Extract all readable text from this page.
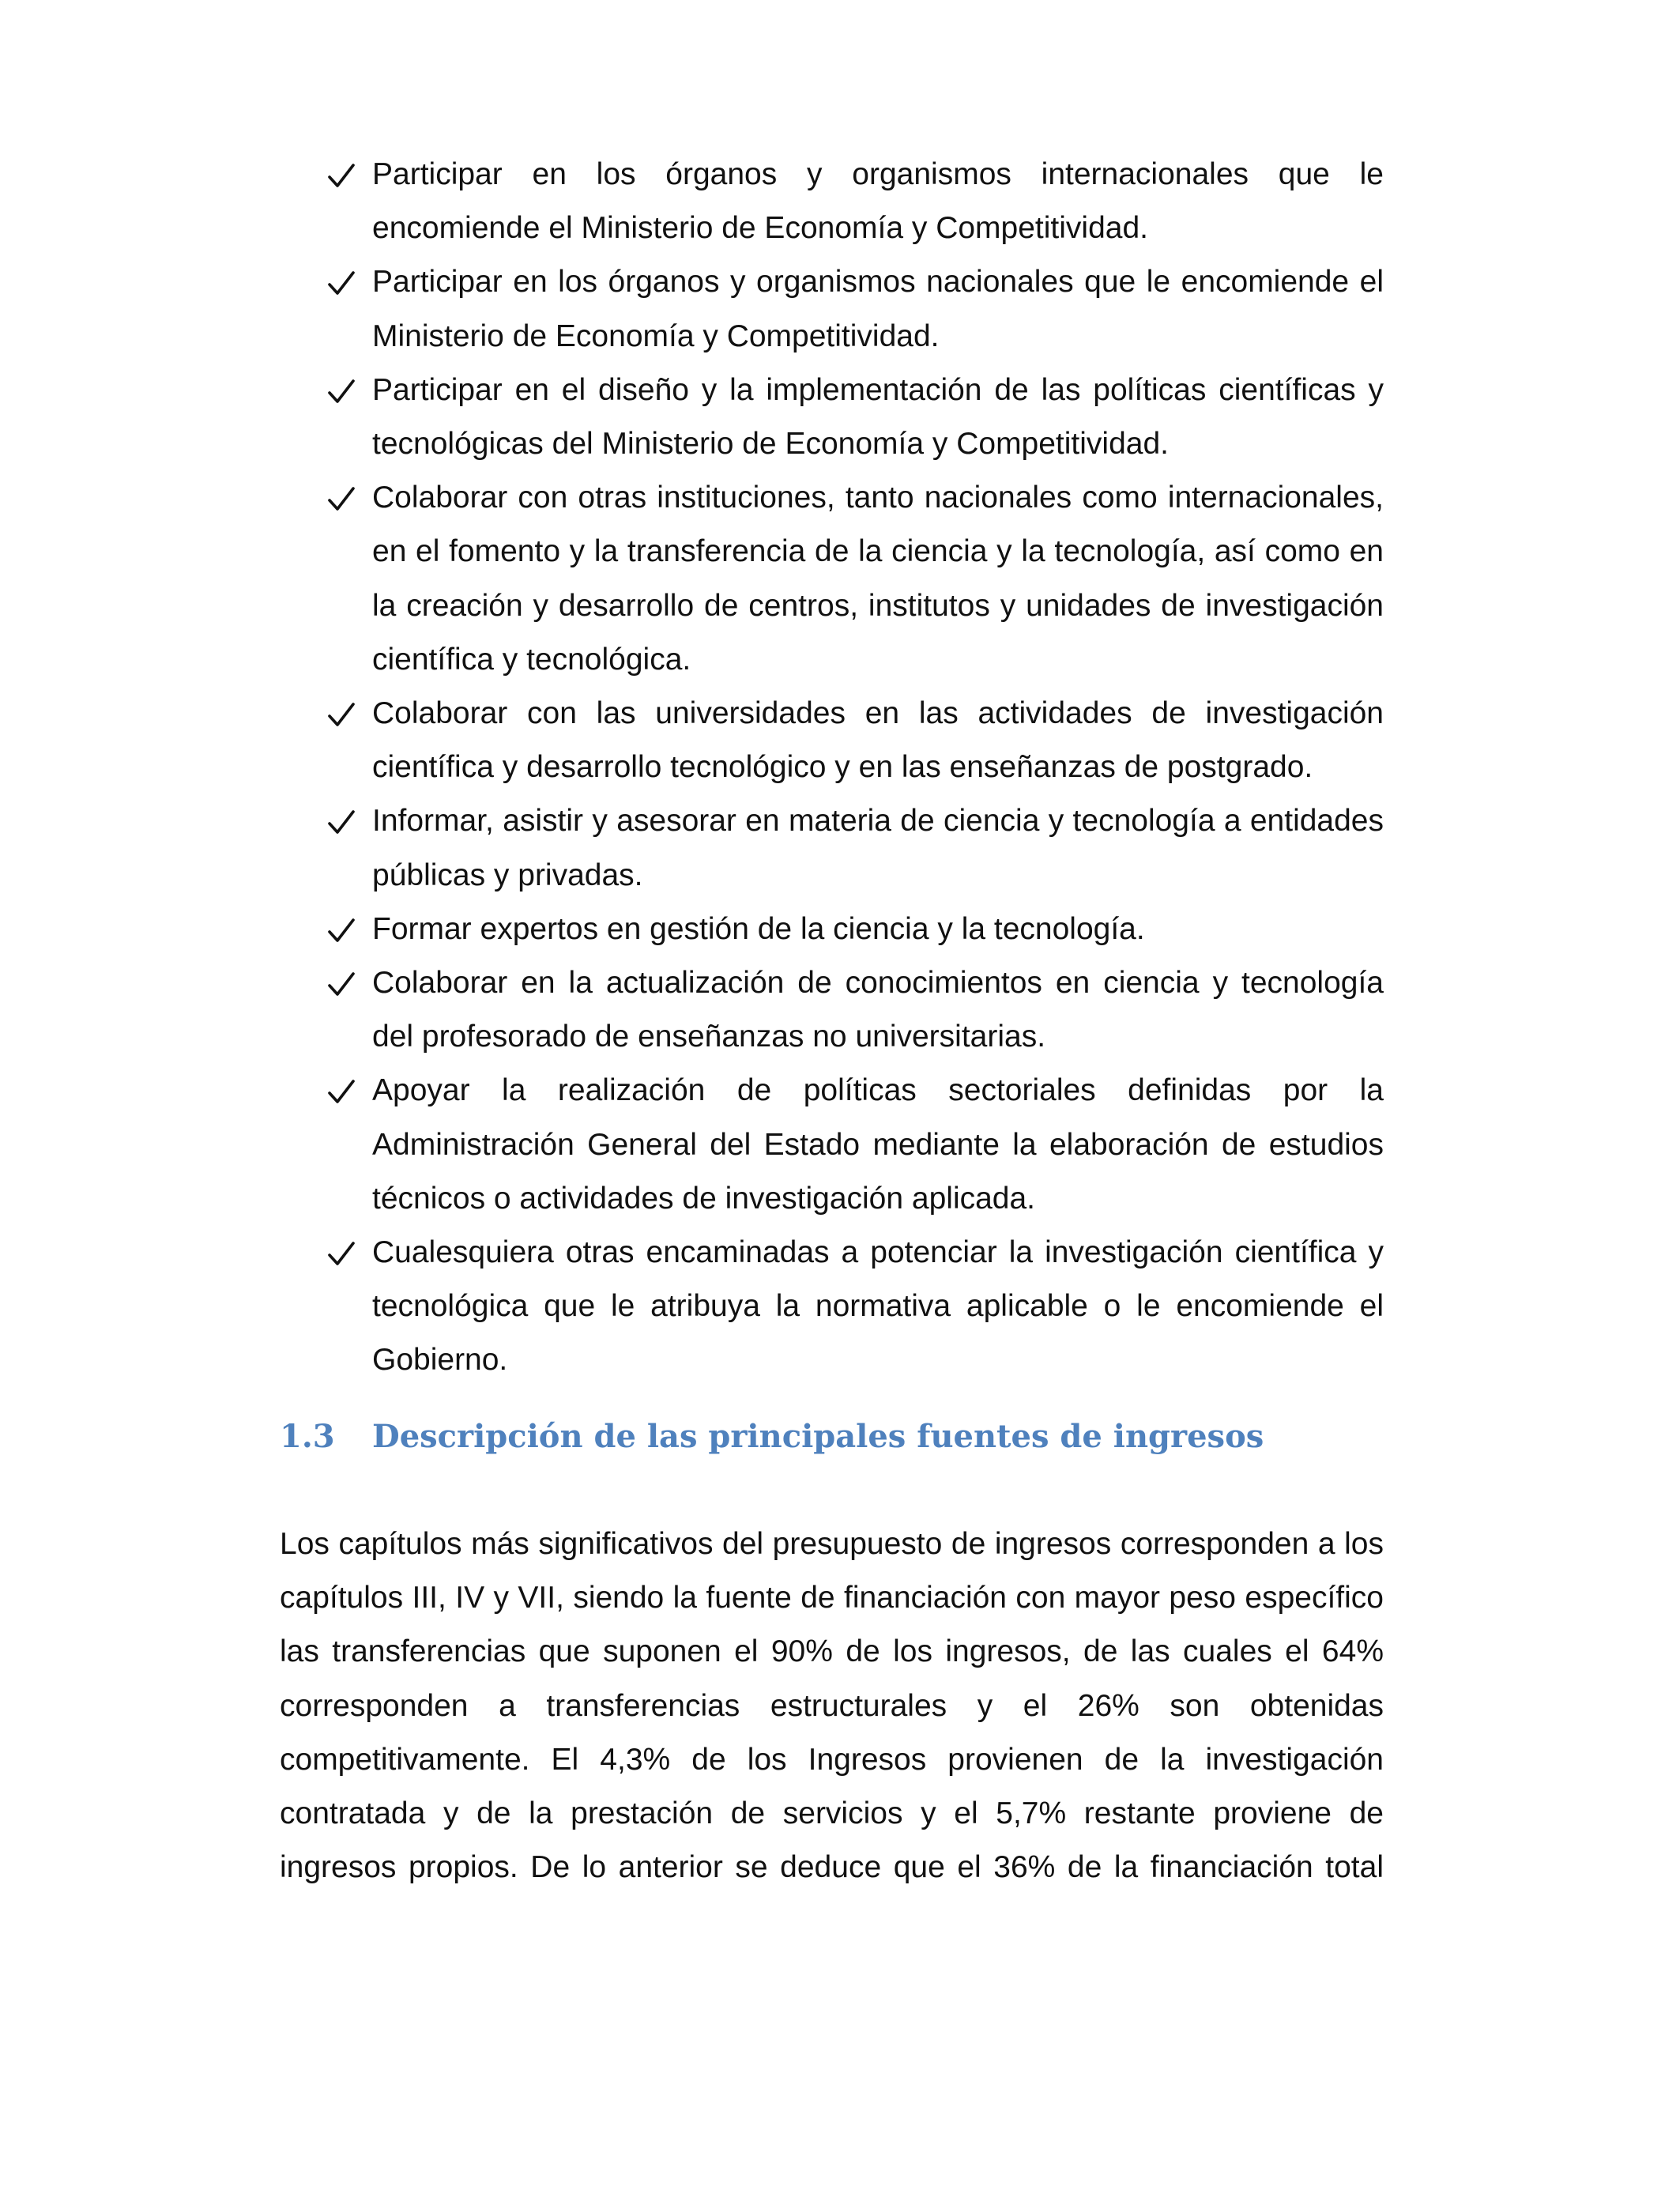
Participar en los órganos y organismos internacionales que le encomiende el Ministerio de Economía y Competitividad.
Participar en los órganos y organismos nacionales que le encomiende el Ministerio de Economía y Competitividad.
Participar en el diseño y la implementación de las políticas científicas y tecnológicas del Ministerio de Economía y Competitividad.
Colaborar con otras instituciones, tanto nacionales como internacionales, en el fomento y la transferencia de la ciencia y la tecnología, así como en la creación y desarrollo de centros, institutos y unidades de investigación científica y tecnológica.
Colaborar con las universidades en las actividades de investigación científica y desarrollo tecnológico y en las enseñanzas de postgrado.
Informar, asistir y asesorar en materia de ciencia y tecnología a entidades públicas y privadas.
Formar expertos en gestión de la ciencia y la tecnología.
Colaborar en la actualización de conocimientos en ciencia y tecnología del profesorado de enseñanzas no universitarias.
Apoyar la realización de políticas sectoriales definidas por la Administración General del Estado mediante la elaboración de estudios técnicos o actividades de investigación aplicada.
Cualesquiera otras encaminadas a potenciar la investigación científica y tecnológica que le atribuya la normativa aplicable o le encomiende el Gobierno.
1.3 Descripción de las principales fuentes de ingresos

Los capítulos más significativos del presupuesto de ingresos corresponden a los capítulos III, IV y VII, siendo la fuente de financiación con mayor peso específico las transferencias que suponen el 90% de los ingresos, de las cuales el 64% corresponden a transferencias estructurales y el 26% son obtenidas competitivamente. El 4,3% de los Ingresos provienen de la investigación contratada y de la prestación de servicios y el 5,7% restante proviene de ingresos propios. De lo anterior se deduce que el 36% de la financiación total
